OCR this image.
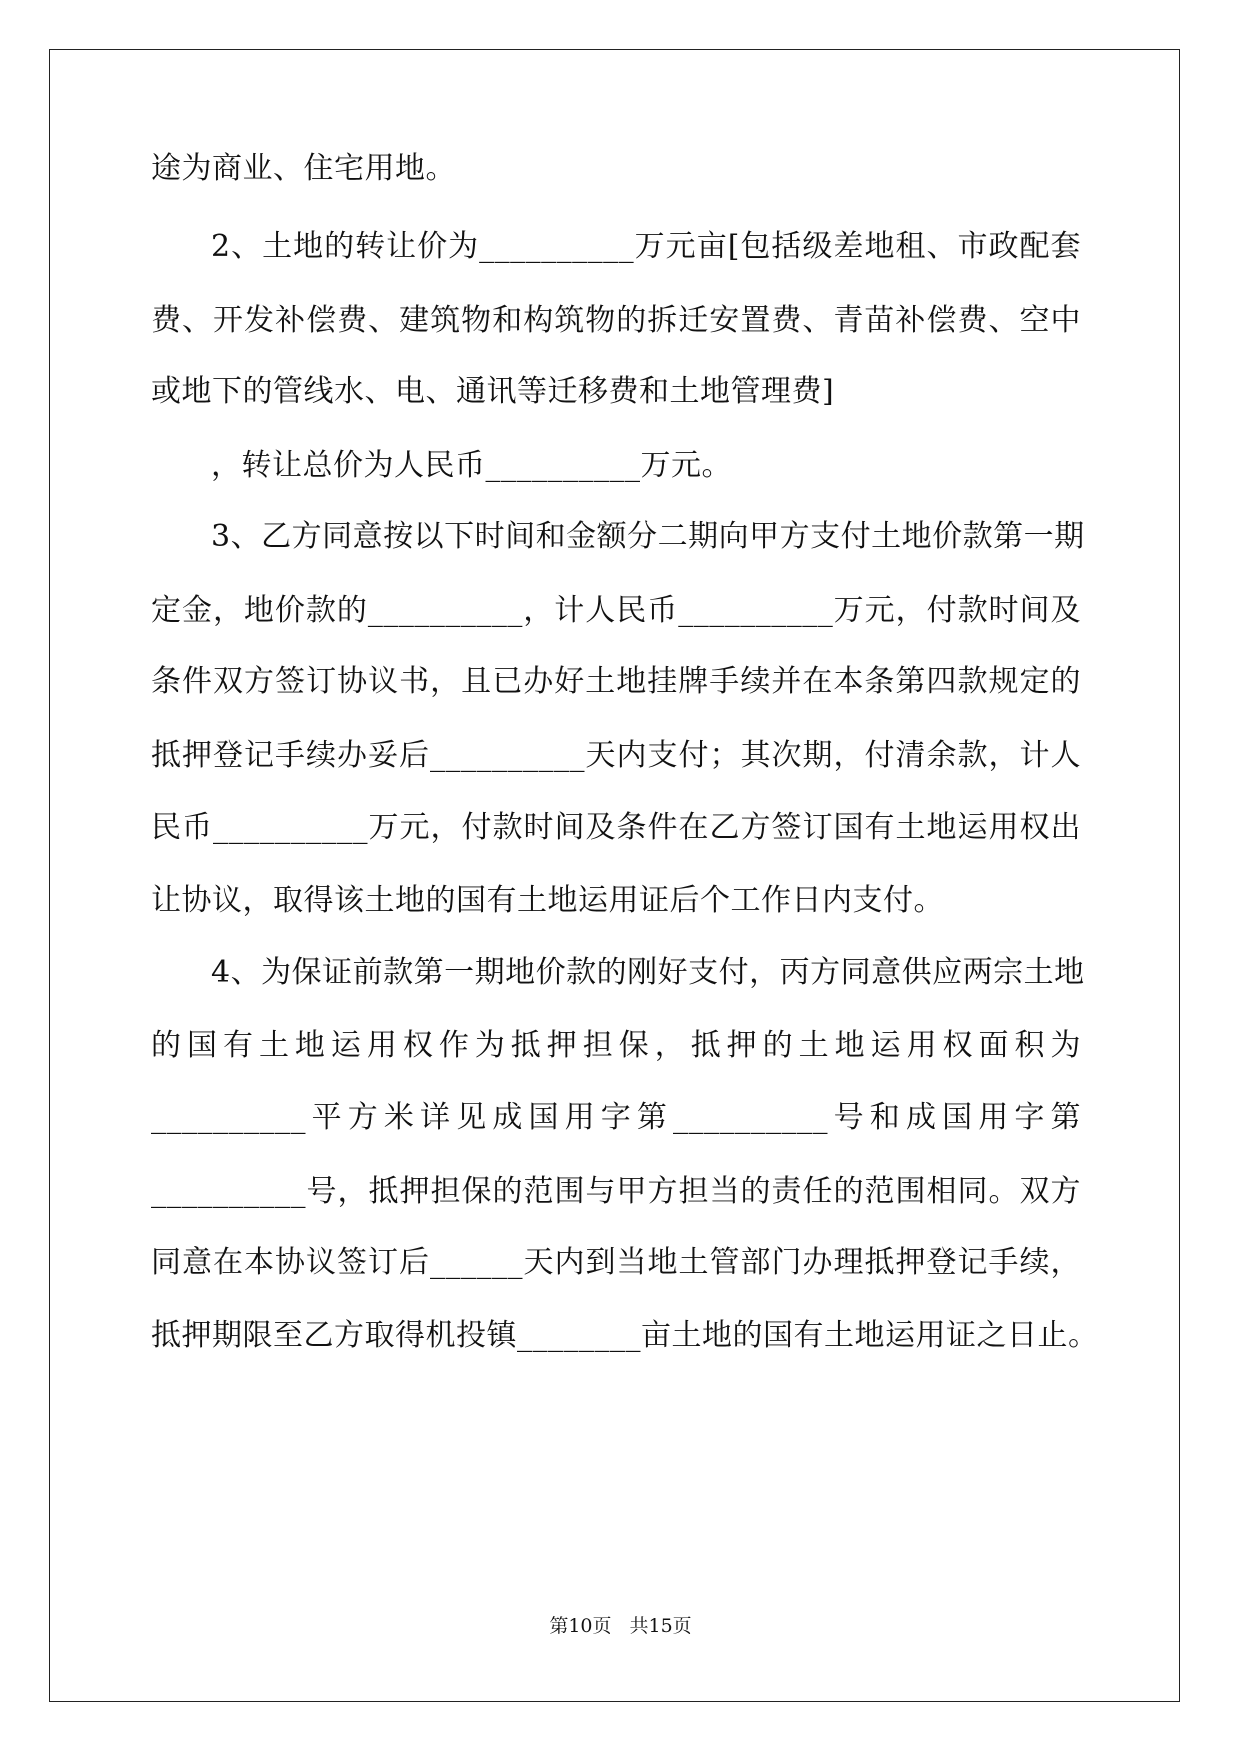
途为商业、住宅用地。
2、土地的转让价为__________万元亩[包括级差地租、市政配套
费、开发补偿费、建筑物和构筑物的拆迁安置费、青苗补偿费、空中
或地下的管线水、电、通讯等迁移费和土地管理费]
，转让总价为人民币__________万元。
3、乙方同意按以下时间和金额分二期向甲方支付土地价款第一期
定金，地价款的__________，计人民币__________万元，付款时间及
条件双方签订协议书，且已办好土地挂牌手续并在本条第四款规定的
抵押登记手续办妥后__________天内支付；其次期，付清余款，计人
民币__________万元，付款时间及条件在乙方签订国有土地运用权出
让协议，取得该土地的国有土地运用证后个工作日内支付。
4、为保证前款第一期地价款的刚好支付，丙方同意供应两宗土地
的国有土地运用权作为抵押担保，抵押的土地运用权面积为
__________平方米详见成国用字第__________号和成国用字第
__________号，抵押担保的范围与甲方担当的责任的范围相同。双方
同意在本协议签订后______天内到当地土管部门办理抵押登记手续，
抵押期限至乙方取得机投镇________亩土地的国有土地运用证之日止。
第10页 共15页
